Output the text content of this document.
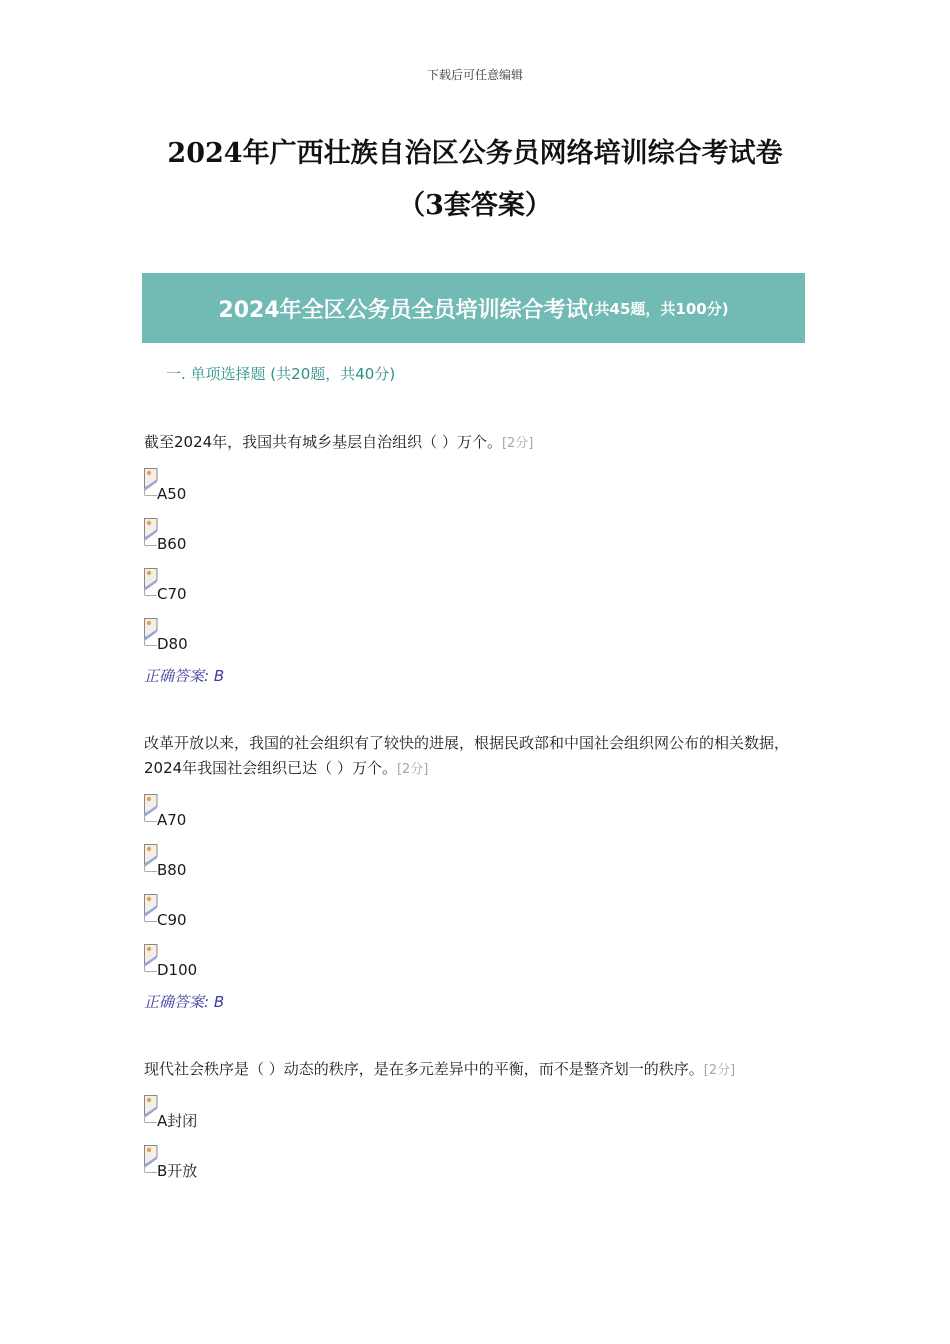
下载后可任意编辑
2024年广西壮族自治区公务员网络培训综合考试卷
（3套答案）
2024年全区公务员全员培训综合考试 (共45题，共100分)
一. 单项选择题 (共20题，共40分)
截至2024年，我国共有城乡基层自治组织（ ）万个。[2分]
A50
B60
C70
D80
正确答案: B
改革开放以来，我国的社会组织有了较快的进展，根据民政部和中国社会组织网公布的相关数据，2024年我国社会组织已达（ ）万个。[2分]
A70
B80
C90
D100
正确答案: B
现代社会秩序是（ ）动态的秩序，是在多元差异中的平衡，而不是整齐划一的秩序。[2分]
A封闭
B开放
